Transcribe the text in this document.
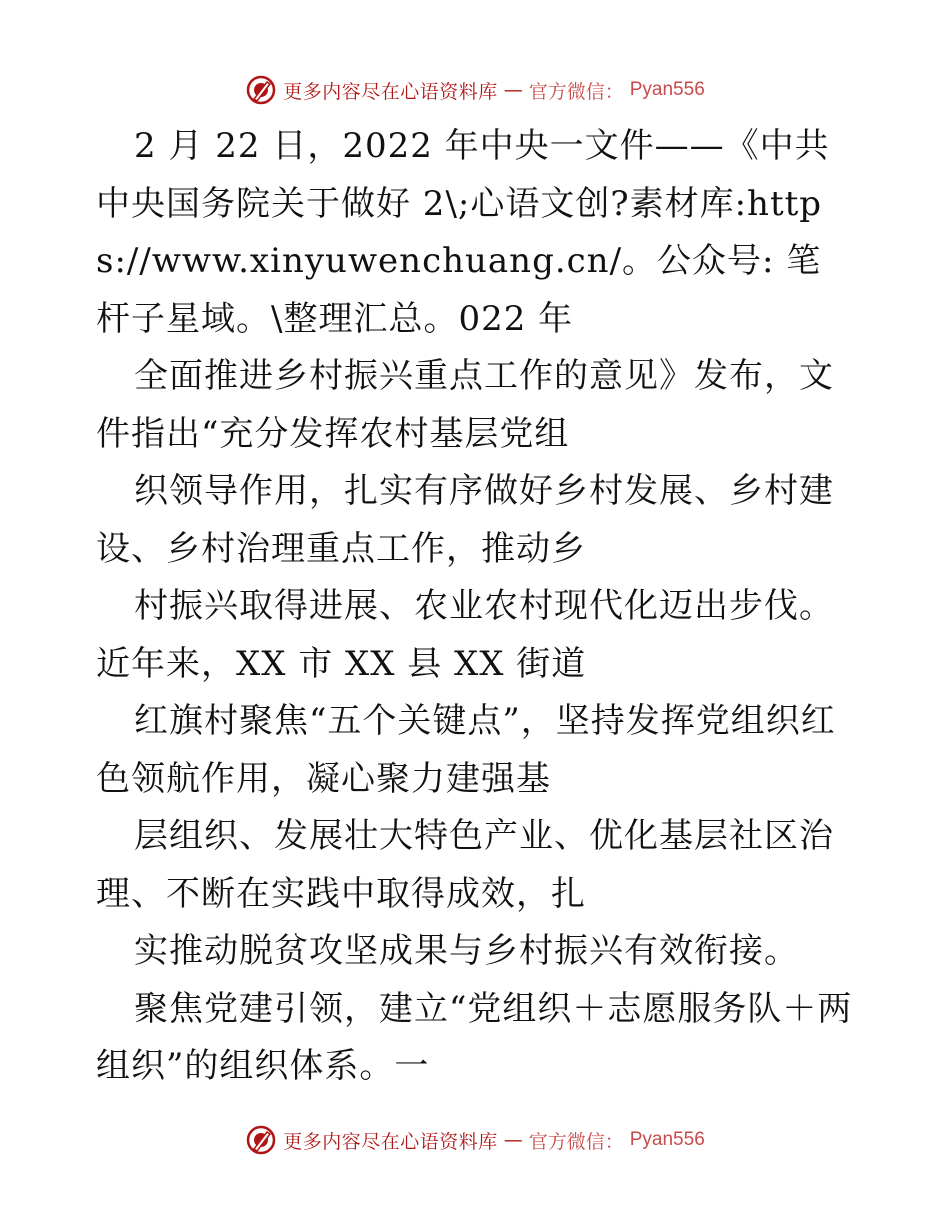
更多内容尽在心语资料库 — 官方微信： Pyan556

2 月 22 日，2022 年中央一文件——《中共中央国务院关于做好 2\;心语文创?素材库:https://www.xinyuwenchuang.cn/。公众号: 笔杆子星域。\整理汇总。022 年

全面推进乡村振兴重点工作的意见》发布，文件指出“充分发挥农村基层党组

织领导作用，扎实有序做好乡村发展、乡村建设、乡村治理重点工作，推动乡

村振兴取得进展、农业农村现代化迈出步伐。近年来，XX 市 XX 县 XX 街道

红旗村聚焦“五个关键点”，坚持发挥党组织红色领航作用，凝心聚力建强基

层组织、发展壮大特色产业、优化基层社区治理、不断在实践中取得成效，扎

实推动脱贫攻坚成果与乡村振兴有效衔接。

聚焦党建引领，建立“党组织＋志愿服务队＋两组织”的组织体系。一

更多内容尽在心语资料库 — 官方微信： Pyan556
